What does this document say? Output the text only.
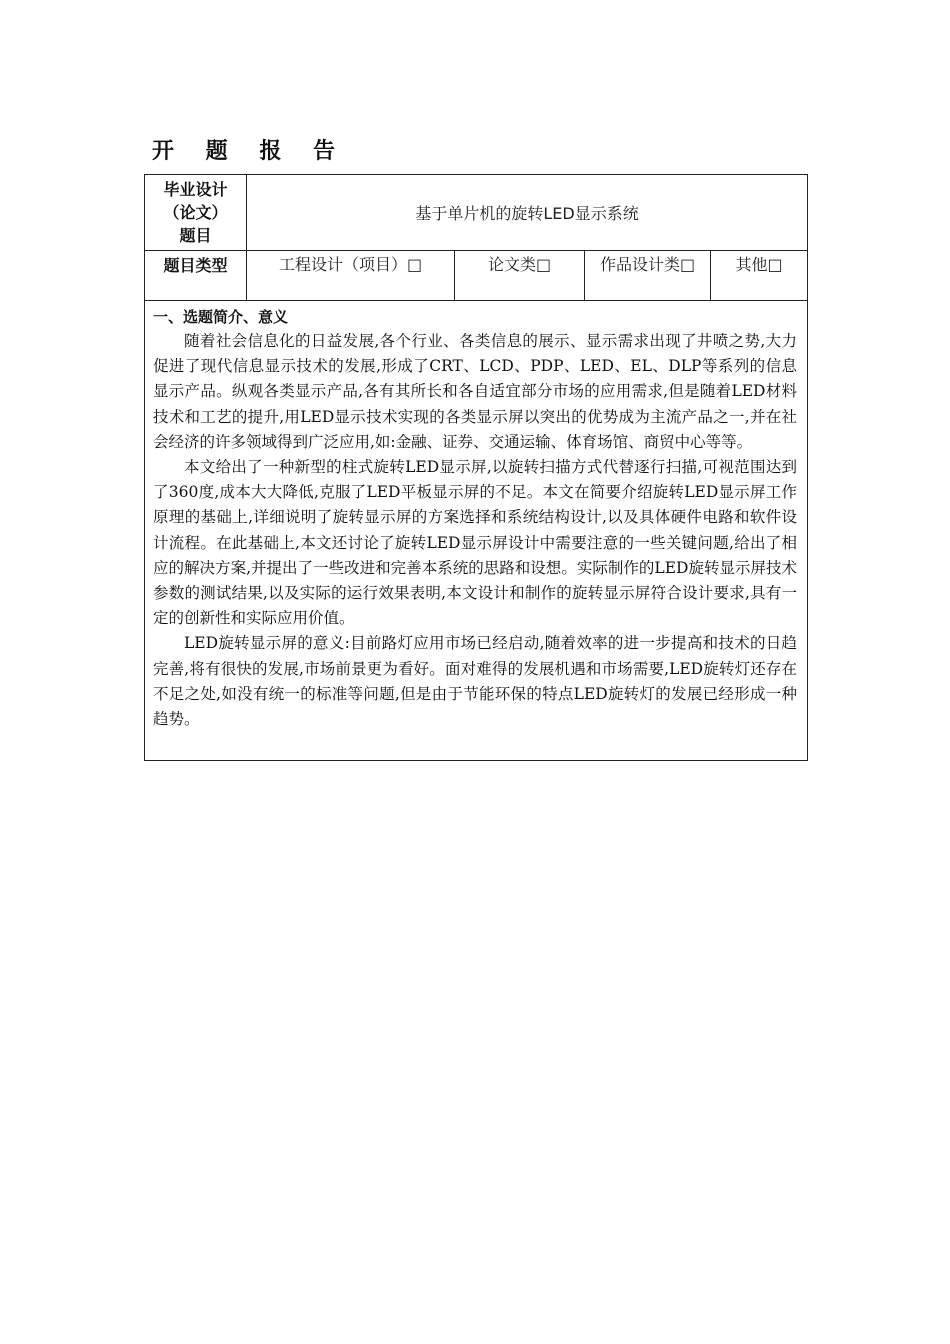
开 题 报 告
毕业设计
（论文）
题目	基于单片机的旋转LED显示系统			
题目类型	工程设计（项目）□	论文类□	作品设计类□	其他□

一、选题简介、意义

随着社会信息化的日益发展,各个行业、各类信息的展示、显示需求出现了井喷之势,大力促进了现代信息显示技术的发展,形成了CRT、LCD、PDP、LED、EL、DLP等系列的信息显示产品。纵观各类显示产品,各有其所长和各自适宜部分市场的应用需求,但是随着LED材料技术和工艺的提升,用LED显示技术实现的各类显示屏以突出的优势成为主流产品之一,并在社会经济的许多领域得到广泛应用,如:金融、证券、交通运输、体育场馆、商贸中心等等。

本文给出了一种新型的柱式旋转LED显示屏,以旋转扫描方式代替逐行扫描,可视范围达到了360度,成本大大降低,克服了LED平板显示屏的不足。本文在简要介绍旋转LED显示屏工作原理的基础上,详细说明了旋转显示屏的方案选择和系统结构设计,以及具体硬件电路和软件设计流程。在此基础上,本文还讨论了旋转LED显示屏设计中需要注意的一些关键问题,给出了相应的解决方案,并提出了一些改进和完善本系统的思路和设想。实际制作的LED旋转显示屏技术参数的测试结果,以及实际的运行效果表明,本文设计和制作的旋转显示屏符合设计要求,具有一定的创新性和实际应用价值。

LED旋转显示屏的意义:目前路灯应用市场已经启动,随着效率的进一步提高和技术的日趋完善,将有很快的发展,市场前景更为看好。面对难得的发展机遇和市场需要,LED旋转灯还存在不足之处,如没有统一的标准等问题,但是由于节能环保的特点LED旋转灯的发展已经形成一种趋势。				
